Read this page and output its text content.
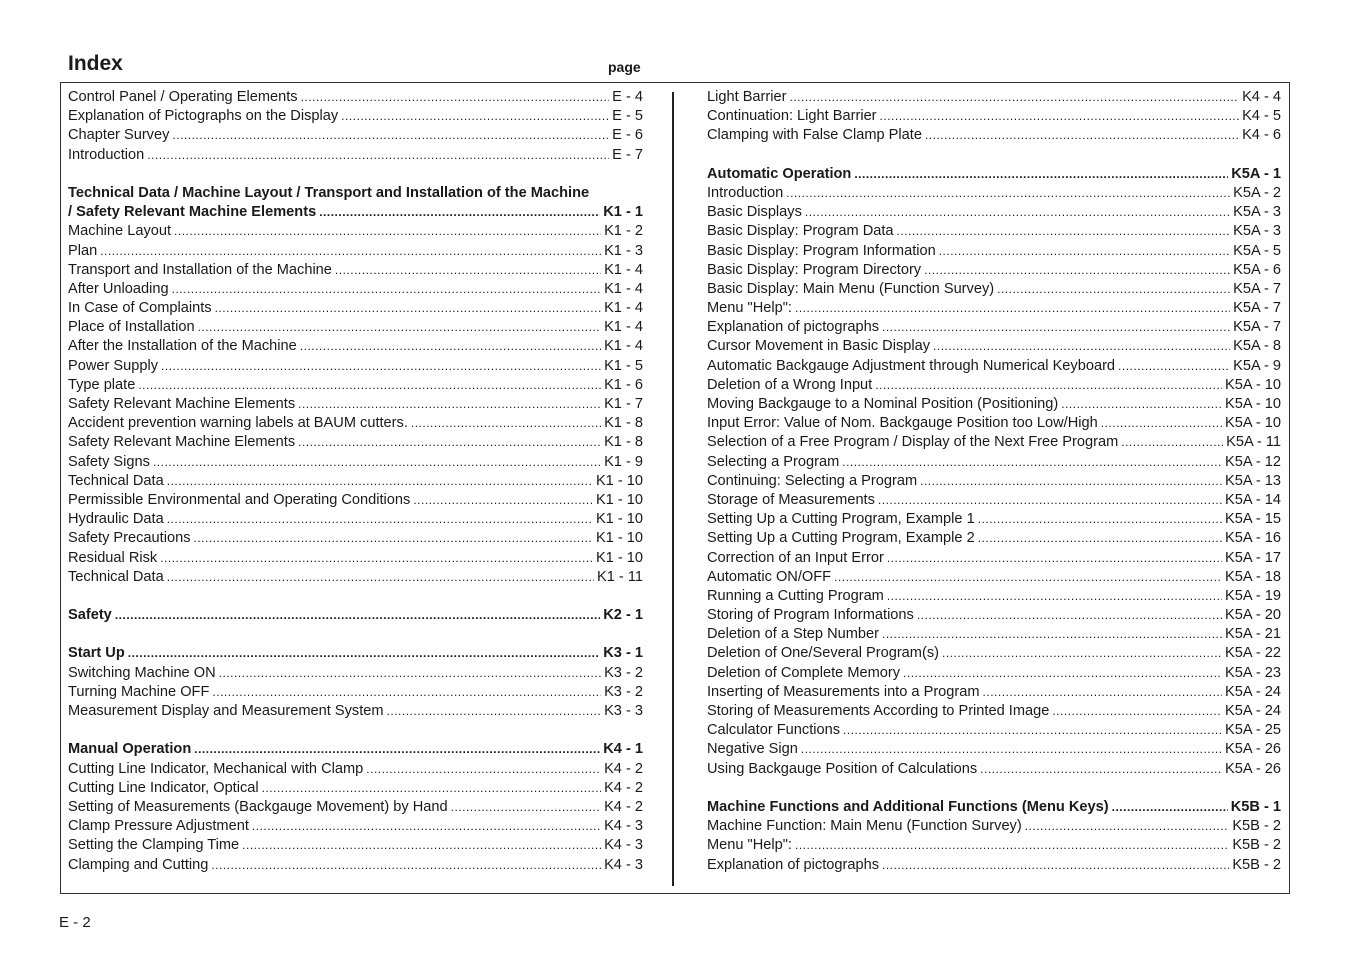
Index	page
Control Panel / Operating Elements .....	E - 4
Explanation of Pictographs on the Display .....	E - 5
Chapter Survey .....	E - 6
Introduction .....	E - 7
Technical Data / Machine Layout / Transport and Installation of the Machine
/ Safety Relevant Machine Elements .....	K1 - 1
Machine Layout .....	K1 - 2
Plan .....	K1 - 3
Transport and Installation of the Machine .....	K1 - 4
After Unloading .....	K1 - 4
In Case of Complaints .....	K1 - 4
Place of Installation .....	K1 - 4
After the Installation of the Machine .....	K1 - 4
Power Supply .....	K1 - 5
Type plate .....	K1 - 6
Safety Relevant Machine Elements .....	K1 - 7
Accident prevention warning labels at BAUM cutters. .....	K1 - 8
Safety Relevant Machine Elements .....	K1 - 8
Safety Signs .....	K1 - 9
Technical Data .....	K1 - 10
Permissible Environmental and Operating Conditions .....	K1 - 10
Hydraulic Data .....	K1 - 10
Safety Precautions .....	K1 - 10
Residual Risk .....	K1 - 10
Technical Data .....	K1 - 11
Safety .....	K2 - 1
Start Up .....	K3 - 1
Switching Machine ON .....	K3 - 2
Turning Machine OFF .....	K3 - 2
Measurement Display and Measurement System .....	K3 - 3
Manual Operation .....	K4 - 1
Cutting Line Indicator, Mechanical with Clamp .....	K4 - 2
Cutting Line Indicator, Optical .....	K4 - 2
Setting of Measurements (Backgauge Movement) by Hand .....	K4 - 2
Clamp Pressure Adjustment .....	K4 - 3
Setting the Clamping Time .....	K4 - 3
Clamping and Cutting .....	K4 - 3
Light Barrier .....	K4 - 4
Continuation: Light Barrier .....	K4 - 5
Clamping with False Clamp Plate .....	K4 - 6
Automatic Operation .....	K5A - 1
Introduction .....	K5A - 2
Basic Displays .....	K5A - 3
Basic Display: Program Data .....	K5A - 3
Basic Display: Program Information .....	K5A - 5
Basic Display: Program Directory .....	K5A - 6
Basic Display: Main Menu (Function Survey) .....	K5A - 7
Menu "Help": .....	K5A - 7
Explanation of pictographs .....	K5A - 7
Cursor Movement in Basic Display .....	K5A - 8
Automatic Backgauge Adjustment through Numerical Keyboard .....	K5A - 9
Deletion of a Wrong Input .....	K5A - 10
Moving Backgauge to a Nominal Position (Positioning) .....	K5A - 10
Input Error: Value of Nom. Backgauge Position too Low/High .....	K5A - 10
Selection of a Free Program / Display of the Next Free Program .....	K5A - 11
Selecting a Program .....	K5A - 12
Continuing: Selecting a Program .....	K5A - 13
Storage of Measurements .....	K5A - 14
Setting Up a Cutting Program, Example 1 .....	K5A - 15
Setting Up a Cutting Program, Example 2 .....	K5A - 16
Correction of an Input Error .....	K5A - 17
Automatic ON/OFF .....	K5A - 18
Running a Cutting Program .....	K5A - 19
Storing of Program Informations .....	K5A - 20
Deletion of a Step Number .....	K5A - 21
Deletion of One/Several Program(s) .....	K5A - 22
Deletion of Complete Memory .....	K5A - 23
Inserting of Measurements into a Program .....	K5A - 24
Storing of Measurements According to Printed Image .....	K5A - 24
Calculator Functions .....	K5A - 25
Negative Sign .....	K5A - 26
Using Backgauge Position of Calculations .....	K5A - 26
Machine Functions and Additional Functions (Menu Keys) .....	K5B - 1
Machine Function: Main Menu (Function Survey) .....	K5B - 2
Menu "Help": .....	K5B - 2
Explanation of pictographs .....	K5B - 2
E - 2
